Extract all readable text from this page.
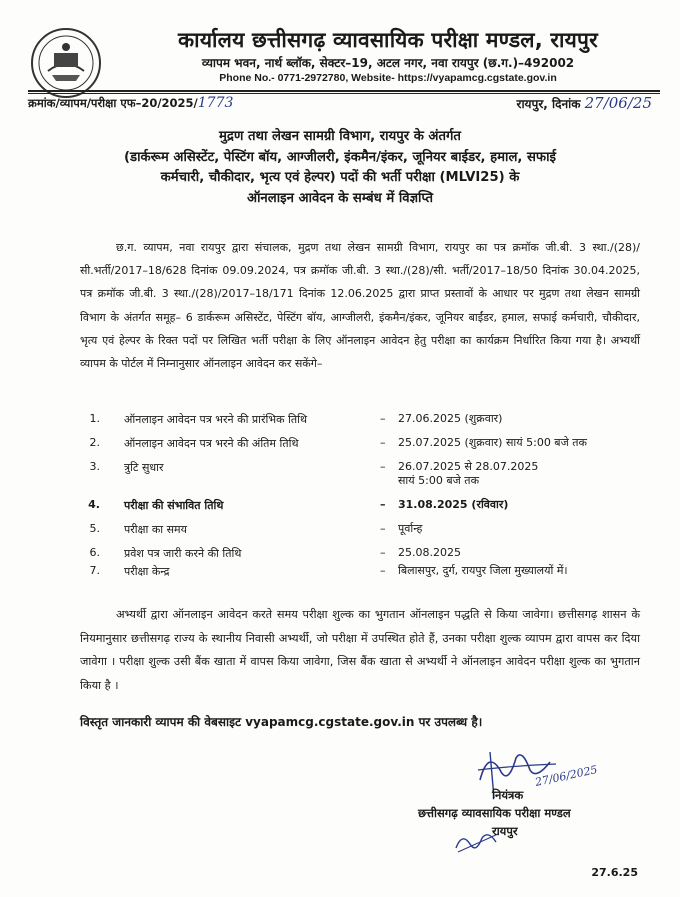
कार्यालय छत्तीसगढ़ व्यावसायिक परीक्षा मण्डल, रायपुर
व्यापम भवन, नार्थ ब्लॉक, सेक्टर–19, अटल नगर, नवा रायपुर (छ.ग.)–492002
Phone No.- 0771-2972780, Website- https://vyapamcg.cgstate.gov.in
क्रमांक/व्यापम/परीक्षा एफ–20/2025/1773	रायपुर, दिनांक 27/06/25
मुद्रण तथा लेखन सामग्री विभाग, रायपुर के अंतर्गत
(डार्करूम असिस्टेंट, पेस्टिंग बॉय, आग्जीलरी, इंकमैन/इंकर, जूनियर बाईडर, हमाल, सफाई
कर्मचारी, चौकीदार, भृत्य एवं हेल्पर) पदों की भर्ती परीक्षा (MLVI25) के
ऑनलाइन आवेदन के सम्बंध में विज्ञप्ति
छ.ग. व्यापम, नवा रायपुर द्वारा संचालक, मुद्रण तथा लेखन सामग्री विभाग, रायपुर का पत्र क्रमॉक जी.बी. 3 स्था./(28)/सी.भर्ती/2017–18/628 दिनांक 09.09.2024, पत्र क्रमॉक जी.बी. 3 स्था./(28)/सी. भर्ती/2017–18/50 दिनांक 30.04.2025, पत्र क्रमॉक जी.बी. 3 स्था./(28)/2017–18/171 दिनांक 12.06.2025 द्वारा प्राप्त प्रस्तावों के आधार पर मुद्रण तथा लेखन सामग्री विभाग के अंतर्गत समूह– 6 डार्करूम असिस्टेंट, पेस्टिंग बॉय, आग्जीलरी, इंकमैन/इंकर, जूनियर बाईंडर, हमाल, सफाई कर्मचारी, चौकीदार, भृत्य एवं हेल्पर के रिक्त पदों पर लिखित भर्ती परीक्षा के लिए ऑनलाइन आवेदन हेतु परीक्षा का कार्यक्रम निर्धारित किया गया है। अभ्यर्थी व्यापम के पोर्टल में निम्नानुसार ऑनलाइन आवेदन कर सकेंगे–
1. ऑनलाइन आवेदन पत्र भरने की प्रारंभिक तिथि	– 27.06.2025 (शुक्रवार)
2. ऑनलाइन आवेदन पत्र भरने की अंतिम तिथि	– 25.07.2025 (शुक्रवार) सायं 5:00 बजे तक
3. त्रुटि सुधार	– 26.07.2025 से 28.07.2025
सायं 5:00 बजे तक
4. परीक्षा की संभावित तिथि	– 31.08.2025 (रविवार)
5. परीक्षा का समय	– पूर्वान्ह
6. प्रवेश पत्र जारी करने की तिथि	– 25.08.2025
7. परीक्षा केन्द्र	– बिलासपुर, दुर्ग, रायपुर जिला मुख्यालयों में।
अभ्यर्थी द्वारा ऑनलाइन आवेदन करते समय परीक्षा शुल्क का भुगतान ऑनलाइन पद्धति से किया जावेगा। छत्तीसगढ़ शासन के नियमानुसार छत्तीसगढ़ राज्य के स्थानीय निवासी अभ्यर्थी, जो परीक्षा में उपस्थित होते हैं, उनका परीक्षा शुल्क व्यापम द्वारा वापस कर दिया जावेगा । परीक्षा शुल्क उसी बैंक खाता में वापस किया जावेगा, जिस बैंक खाता से अभ्यर्थी ने ऑनलाइन आवेदन परीक्षा शुल्क का भुगतान किया है ।
विस्तृत जानकारी व्यापम की वेबसाइट vyapamcg.cgstate.gov.in पर उपलब्ध है।
27/06/2025
नियंत्रक
छत्तीसगढ़ व्यावसायिक परीक्षा मण्डल
रायपुर
27.6.25
